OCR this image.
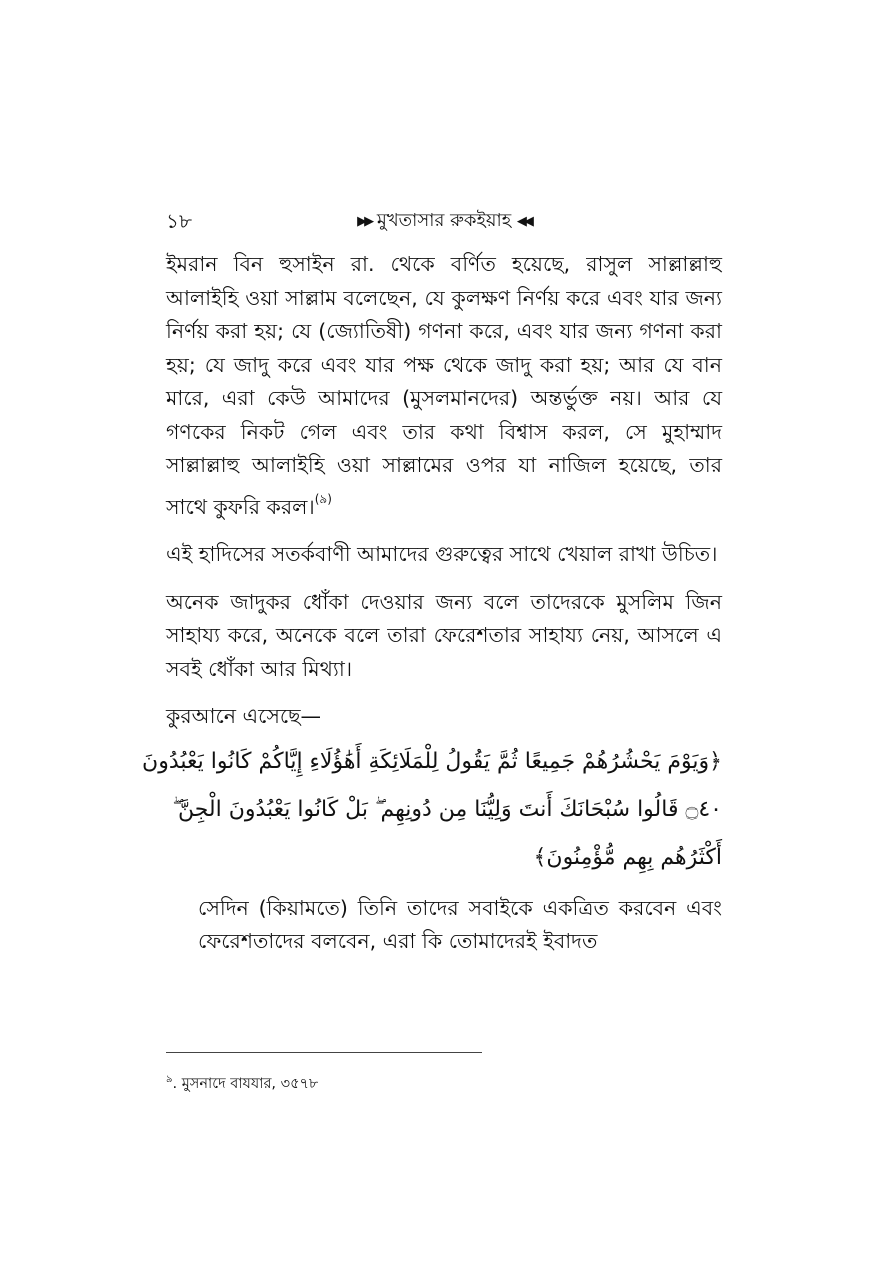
১৮	▶▶ মুখতাসার রুকইয়াহ ◀◀

ইমরান বিন হুসাইন রা. থেকে বর্ণিত হয়েছে, রাসুল সাল্লাল্লাহু আলাইহি ওয়া সাল্লাম বলেছেন, যে কুলক্ষণ নির্ণয় করে এবং যার জন্য নির্ণয় করা হয়; যে (জ্যোতিষী) গণনা করে, এবং যার জন্য গণনা করা হয়; যে জাদু করে এবং যার পক্ষ থেকে জাদু করা হয়; আর যে বান মারে, এরা কেউ আমাদের (মুসলমানদের) অন্তর্ভুক্ত নয়। আর যে গণকের নিকট গেল এবং তার কথা বিশ্বাস করল, সে মুহাম্মাদ সাল্লাল্লাহু আলাইহি ওয়া সাল্লামের ওপর যা নাজিল হয়েছে, তার সাথে কুফরি করল।$^{(৯)}$

এই হাদিসের সতর্কবাণী আমাদের গুরুত্বের সাথে খেয়াল রাখা উচিত।

অনেক জাদুকর ধোঁকা দেওয়ার জন্য বলে তাদেরকে মুসলিম জিন সাহায্য করে, অনেকে বলে তারা ফেরেশতার সাহায্য নেয়, আসলে এ সবই ধোঁকা আর মিথ্যা।

কুরআনে এসেছে—

﴿وَيَوْمَ يَحْشُرُهُمْ جَمِيعًا ثُمَّ يَقُولُ لِلْمَلَائِكَةِ أَهَٰؤُلَاءِ إِيَّاكُمْ كَانُوا يَعْبُدُونَ
۝٤٠ قَالُوا سُبْحَانَكَ أَنتَ وَلِيُّنَا مِن دُونِهِم ۖ بَلْ كَانُوا يَعْبُدُونَ الْجِنَّ ۖ
أَكْثَرُهُم بِهِم مُّؤْمِنُونَ﴾

সেদিন (কিয়ামতে) তিনি তাদের সবাইকে একত্রিত করবেন এবং ফেরেশতাদের বলবেন, এরা কি তোমাদেরই ইবাদত

$^৯$. মুসনাদে বাযযার, ৩৫৭৮
